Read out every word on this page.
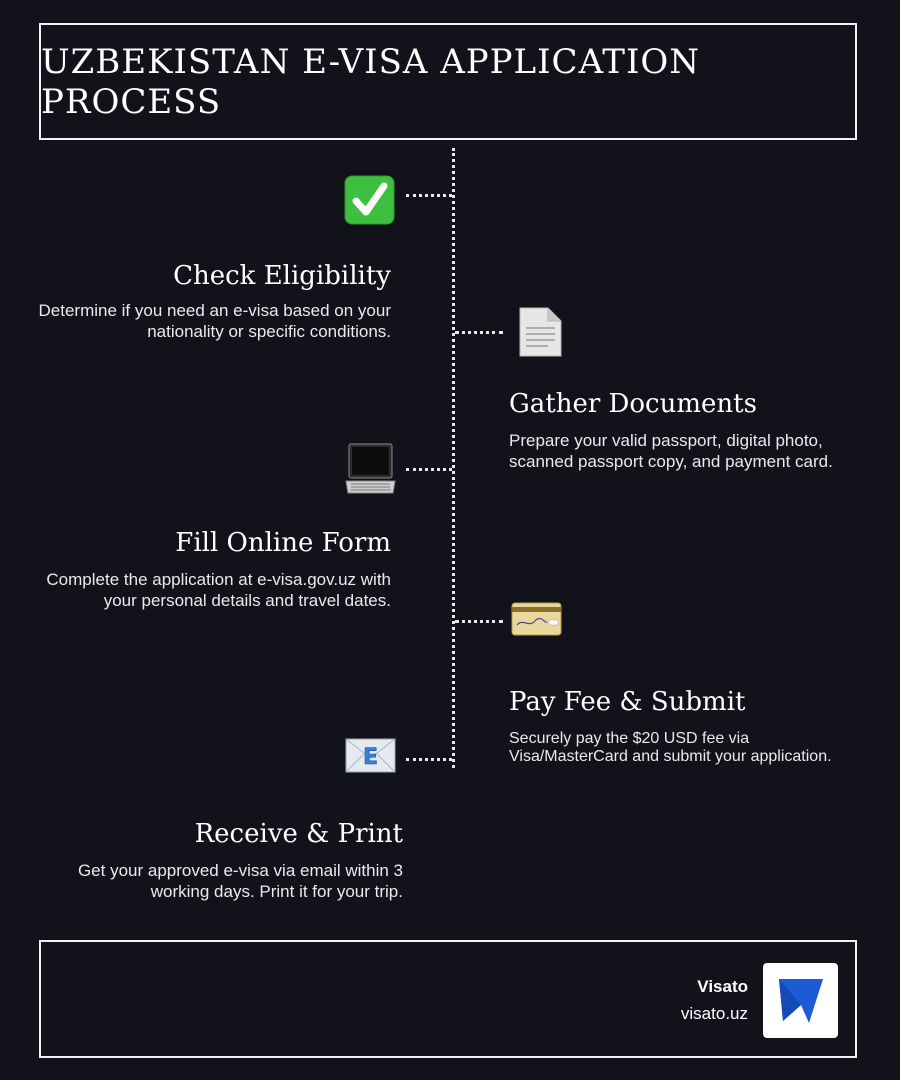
UZBEKISTAN E-VISA APPLICATION PROCESS
Check Eligibility
Determine if you need an e-visa based on your nationality or specific conditions.
Gather Documents
Prepare your valid passport, digital photo, scanned passport copy, and payment card.
Fill Online Form
Complete the application at e-visa.gov.uz with your personal details and travel dates.
Pay Fee & Submit
Securely pay the $20 USD fee via Visa/MasterCard and submit your application.
E
Receive & Print
Get your approved e-visa via email within 3 working days. Print it for your trip.
Visato
visato.uz
